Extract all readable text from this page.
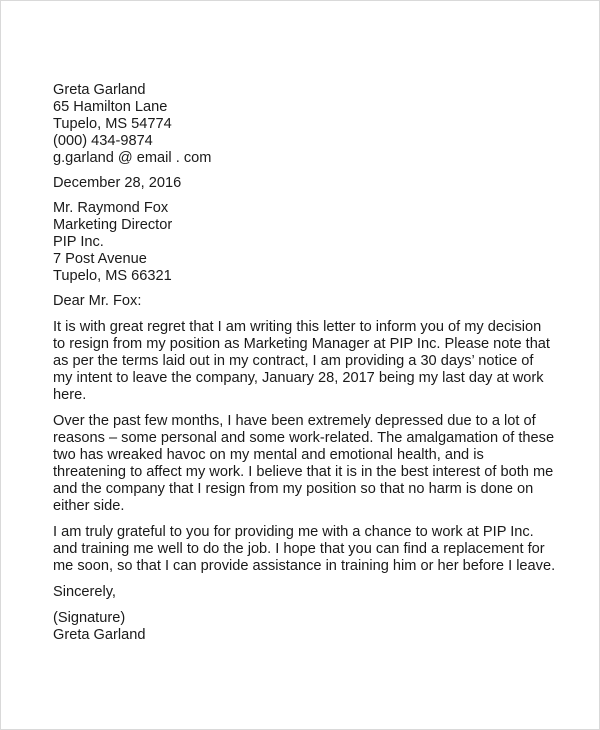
Greta Garland
65 Hamilton Lane
Tupelo, MS 54774
(000) 434-9874
g.garland @ email . com
December 28, 2016
Mr. Raymond Fox
Marketing Director
PIP Inc.
7 Post Avenue
Tupelo, MS 66321
Dear Mr. Fox:
It is with great regret that I am writing this letter to inform you of my decision
to resign from my position as Marketing Manager at PIP Inc. Please note that
as per the terms laid out in my contract, I am providing a 30 days’ notice of
my intent to leave the company, January 28, 2017 being my last day at work
here.
Over the past few months, I have been extremely depressed due to a lot of
reasons – some personal and some work-related. The amalgamation of these
two has wreaked havoc on my mental and emotional health, and is
threatening to affect my work. I believe that it is in the best interest of both me
and the company that I resign from my position so that no harm is done on
either side.
I am truly grateful to you for providing me with a chance to work at PIP Inc.
and training me well to do the job. I hope that you can find a replacement for
me soon, so that I can provide assistance in training him or her before I leave.
Sincerely,
(Signature)
Greta Garland
